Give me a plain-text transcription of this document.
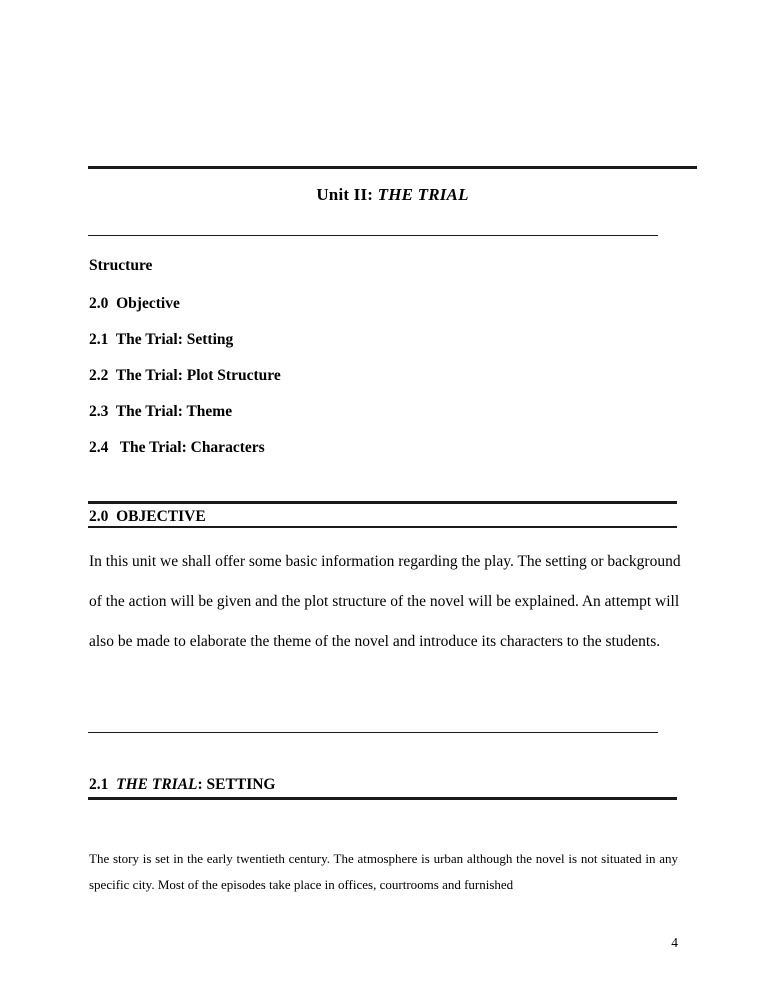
Unit II: THE TRIAL
Structure
2.0  Objective
2.1  The Trial: Setting
2.2  The Trial: Plot Structure
2.3  The Trial: Theme
2.4   The Trial: Characters
2.0  OBJECTIVE
In this unit we shall offer some basic information regarding the play. The setting or background of the action will be given and the plot structure of the novel will be explained. An attempt will also be made to elaborate the theme of the novel and introduce its characters to the students.
2.1 THE TRIAL: SETTING
The story is set in the early twentieth century. The atmosphere is urban although the novel is not situated in any specific city. Most of the episodes take place in offices, courtrooms and furnished
4
